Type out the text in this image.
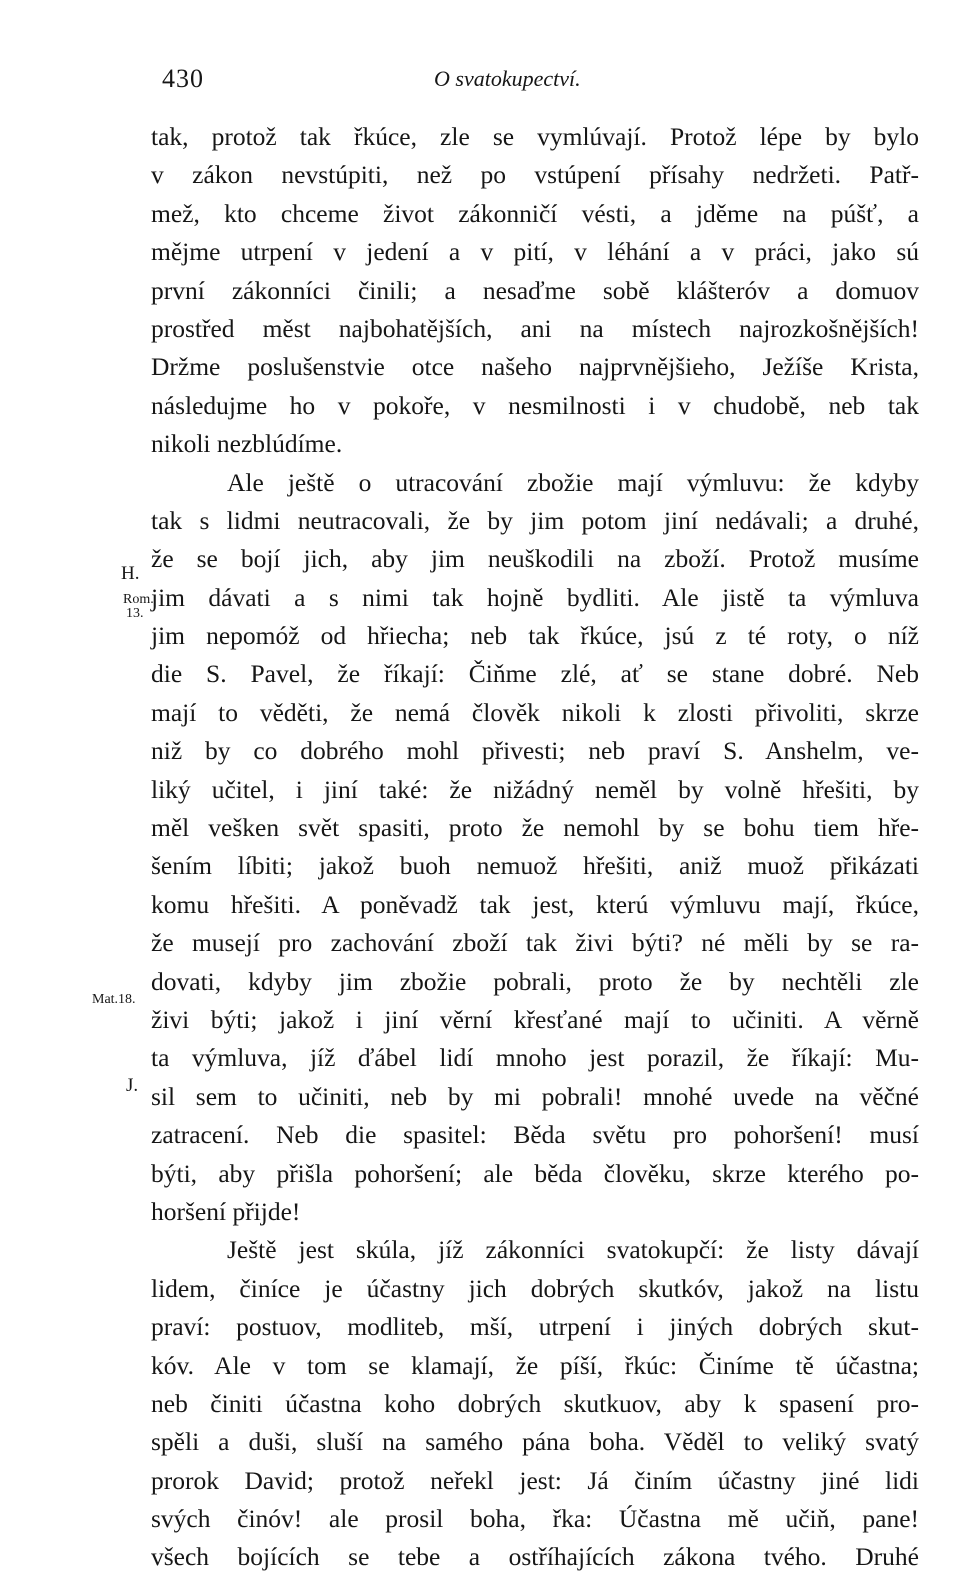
430	O svatokupectví.
H.
Rom.
13.
Mat.18.
J.
tak, protož tak řkúce, zle se vymlúvají. Protož lépe by bylo
v zákon nevstúpiti, než po vstúpení přísahy nedržeti. Patř-
mež, kto chceme život zákonničí vésti, a jděme na púšť, a
mějme utrpení v jedení a v pití, v léhání a v práci, jako sú
první zákonníci činili; a nesaďme sobě klášteróv a domuov
prostřed měst najbohatějších, ani na místech najrozkošnějších!
Držme poslušenstvie otce našeho najprvnějšieho, Ježíše Krista,
následujme ho v pokoře, v nesmilnosti i v chudobě, neb tak
nikoli nezblúdíme.
Ale ještě o utracování zbožie mají výmluvu: že kdyby
tak s lidmi neutracovali, že by jim potom jiní nedávali; a druhé,
že se bojí jich, aby jim neuškodili na zboží. Protož musíme
jim dávati a s nimi tak hojně bydliti. Ale jistě ta výmluva
jim nepomóž od hřiecha; neb tak řkúce, jsú z té roty, o níž
die S. Pavel, že říkají: Čiňme zlé, ať se stane dobré. Neb
mají to věděti, že nemá člověk nikoli k zlosti přivoliti, skrze
niž by co dobrého mohl přivesti; neb praví S. Anshelm, ve-
liký učitel, i jiní také: že nižádný neměl by volně hřešiti, by
měl vešken svět spasiti, proto že nemohl by se bohu tiem hře-
šením líbiti; jakož buoh nemuož hřešiti, aniž muož přikázati
komu hřešiti. A poněvadž tak jest, kterú výmluvu mají, řkúce,
že musejí pro zachování zboží tak živi býti? né měli by se ra-
dovati, kdyby jim zbožie pobrali, proto že by nechtěli zle
živi býti; jakož i jiní věrní křesťané mají to učiniti. A věrně
ta výmluva, jíž ďábel lidí mnoho jest porazil, že říkají: Mu-
sil sem to učiniti, neb by mi pobrali! mnohé uvede na věčné
zatracení. Neb die spasitel: Běda světu pro pohoršení! musí
býti, aby přišla pohoršení; ale běda člověku, skrze kterého po-
horšení přijde!
Ještě jest skúla, jíž zákonníci svatokupčí: že listy dávají
lidem, činíce je účastny jich dobrých skutkóv, jakož na listu
praví: postuov, modliteb, mší, utrpení i jiných dobrých skut-
kóv. Ale v tom se klamají, že píší, řkúc: Činíme tě účastna;
neb činiti účastna koho dobrých skutkuov, aby k spasení pro-
spěli a duši, sluší na samého pána boha. Věděl to veliký svatý
prorok David; protož neřekl jest: Já činím účastny jiné lidi
svých činóv! ale prosil boha, řka: Účastna mě učiň, pane!
všech bojících se tebe a ostříhajících zákona tvého. Druhé
